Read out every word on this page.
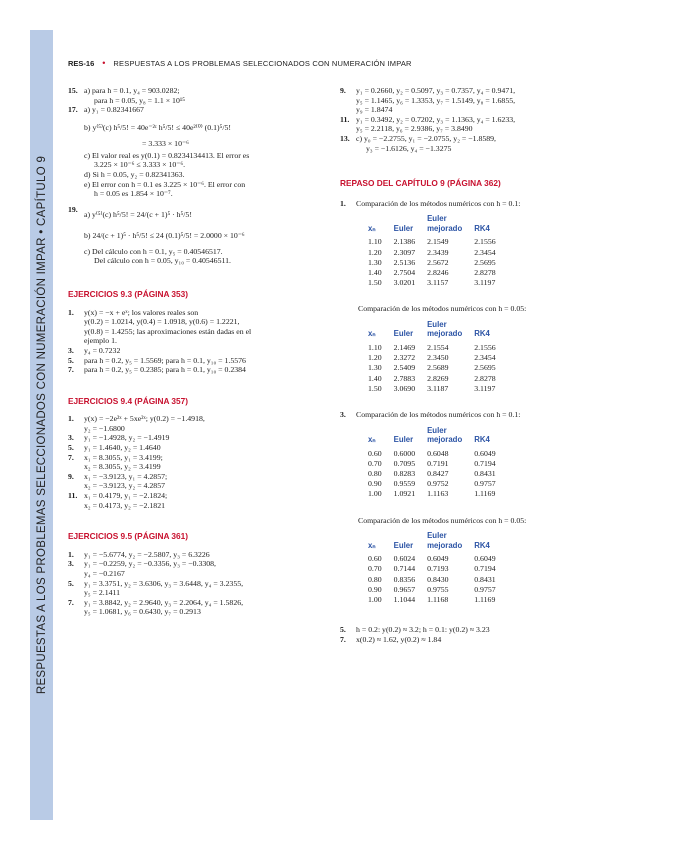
RESPUESTAS A LOS PROBLEMAS SELECCIONADOS CON NUMERACIÓN IMPAR • CAPÍTULO 9
RES-16 • RESPUESTAS A LOS PROBLEMAS SELECCIONADOS CON NUMERACIÓN IMPAR
15. a) para h = 0.1, y₄ = 903.0282;
para h = 0.05, y₈ = 1.1 × 10¹⁵
17. a) y₁ = 0.82341667
b) y⁽⁵⁾(c) h⁵/5! = 40e⁻²ᶜ h⁵/5! ≤ 40e²⁽⁰⁾ (0.1)⁵/5!
= 3.333 × 10⁻⁶
c) El valor real es y(0.1) = 0.8234134413. El error es
3.225 × 10⁻⁶ ≤ 3.333 × 10⁻⁶.
d) Si h = 0.05, y₂ = 0.82341363.
e) El error con h = 0.1 es 3.225 × 10⁻⁶. El error con
h = 0.05 es 1.854 × 10⁻⁷.
19.
a) y⁽⁵⁾(c) h⁵/5! = 24/(c + 1)⁵ · h⁵/5!
b) 24/(c + 1)⁵ · h⁵/5! ≤ 24 (0.1)⁵/5! = 2.0000 × 10⁻⁶
c) Del cálculo con h = 0.1, y₅ = 0.40546517.
Del cálculo con h = 0.05, y₁₀ = 0.40546511.

EJERCICIOS 9.3 (PÁGINA 353)

1. y(x) = −x + eˣ; los valores reales son
y(0.2) = 1.0214, y(0.4) = 1.0918, y(0.6) = 1.2221,
y(0.8) = 1.4255; las aproximaciones están dadas en el
ejemplo 1.
3. y₄ = 0.7232
5. para h = 0.2, y₅ = 1.5569; para h = 0.1, y₁₀ = 1.5576
7. para h = 0.2, y₅ = 0.2385; para h = 0.1, y₁₀ = 0.2384

EJERCICIOS 9.4 (PÁGINA 357)

1. y(x) = −2e²ˣ + 5xe²ˣ; y(0.2) = −1.4918,
y₂ = −1.6800
3. y₁ = −1.4928, y₂ = −1.4919
5. y₁ = 1.4640, y₂ = 1.4640
7. x₁ = 8.3055, y₁ = 3.4199;
x₂ = 8.3055, y₂ = 3.4199
9. x₁ = −3.9123, y₁ = 4.2857;
x₂ = −3.9123, y₂ = 4.2857
11. x₁ = 0.4179, y₁ = −2.1824;
x₂ = 0.4173, y₂ = −2.1821

EJERCICIOS 9.5 (PÁGINA 361)

1. y₁ = −5.6774, y₂ = −2.5807, y₃ = 6.3226
3. y₁ = −0.2259, y₂ = −0.3356, y₃ = −0.3308,
y₄ = −0.2167
5. y₁ = 3.3751, y₂ = 3.6306, y₃ = 3.6448, y₄ = 3.2355,
y₅ = 2.1411
7. y₁ = 3.8842, y₂ = 2.9640, y₃ = 2.2064, y₄ = 1.5826,
y₅ = 1.0681, y₆ = 0.6430, y₇ = 0.2913
9. y₁ = 0.2660, y₂ = 0.5097, y₃ = 0.7357, y₄ = 0.9471,
y₅ = 1.1465, y₆ = 1.3353, y₇ = 1.5149, y₈ = 1.6855,
y₉ = 1.8474
11. y₁ = 0.3492, y₂ = 0.7202, y₃ = 1.1363, y₄ = 1.6233,
y₅ = 2.2118, y₆ = 2.9386, y₇ = 3.8490
13. c) y₀ = −2.2755, y₁ = −2.0755, y₂ = −1.8589,
y₃ = −1.6126, y₄ = −1.3275

REPASO DEL CAPÍTULO 9 (PÁGINA 362)

1. Comparación de los métodos numéricos con h = 0.1:
		Euler	
xₙ	Euler	mejorado	RK4

1.10	2.1386	2.1549	2.1556
1.20	2.3097	2.3439	2.3454
1.30	2.5136	2.5672	2.5695
1.40	2.7504	2.8246	2.8278
1.50	3.0201	3.1157	3.1197
Comparación de los métodos numéricos con h = 0.05:
		Euler	
xₙ	Euler	mejorado	RK4

1.10	2.1469	2.1554	2.1556
1.20	2.3272	2.3450	2.3454
1.30	2.5409	2.5689	2.5695
1.40	2.7883	2.8269	2.8278
1.50	3.0690	3.1187	3.1197
3. Comparación de los métodos numéricos con h = 0.1:
		Euler	
xₙ	Euler	mejorado	RK4

0.60	0.6000	0.6048	0.6049
0.70	0.7095	0.7191	0.7194
0.80	0.8283	0.8427	0.8431
0.90	0.9559	0.9752	0.9757
1.00	1.0921	1.1163	1.1169
Comparación de los métodos numéricos con h = 0.05:
		Euler	
xₙ	Euler	mejorado	RK4

0.60	0.6024	0.6049	0.6049
0.70	0.7144	0.7193	0.7194
0.80	0.8356	0.8430	0.8431
0.90	0.9657	0.9755	0.9757
1.00	1.1044	1.1168	1.1169
5. h = 0.2: y(0.2) ≈ 3.2; h = 0.1: y(0.2) ≈ 3.23
7. x(0.2) ≈ 1.62, y(0.2) ≈ 1.84
